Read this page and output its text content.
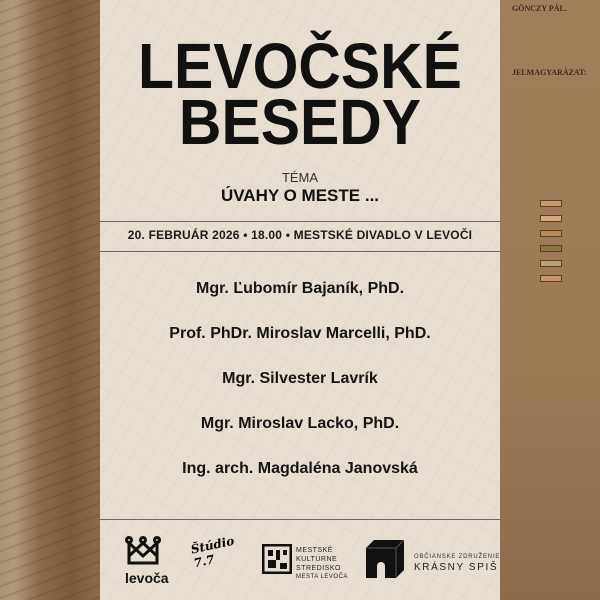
GÖNCZY PÁL.
JELMAGYARÁZAT:
LEVOČSKÉ
BESEDY
TÉMA
ÚVAHY O MESTE ...
20. FEBRUÁR 2026 • 18.00 • MESTSKÉ DIVADLO V LEVOČI
Mgr. Ľubomír Bajaník, PhD.
Prof. PhDr. Miroslav Marcelli, PhD.
Mgr. Silvester Lavrík
Mgr. Miroslav Lacko, PhD.
Ing. arch. Magdaléna Janovská
levoča
Štúdio 7.7
MESTSKÉ
KULTÚRNE
STREDISKO
MESTA LEVOČA
OBČIANSKE ZDRUŽENIE
KRÁSNY SPIŠ
